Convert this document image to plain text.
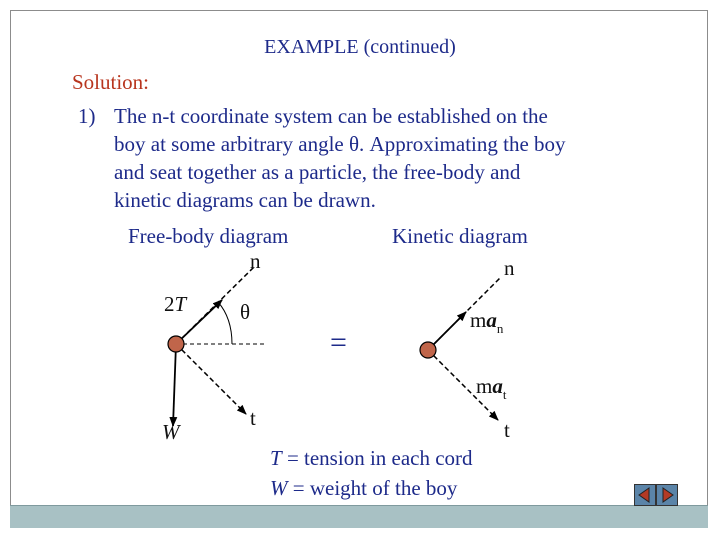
EXAMPLE (continued)
Solution:
1) The n-t coordinate system can be established on the
boy at some arbitrary angle θ. Approximating the boy
and seat together as a particle, the free-body and
kinetic diagrams can be drawn.
Free-body diagram	Kinetic diagram
n
2T	θ
W
t
=
n
$ma_n$
$ma_t$
t
T = tension in each cord
W = weight of the boy
